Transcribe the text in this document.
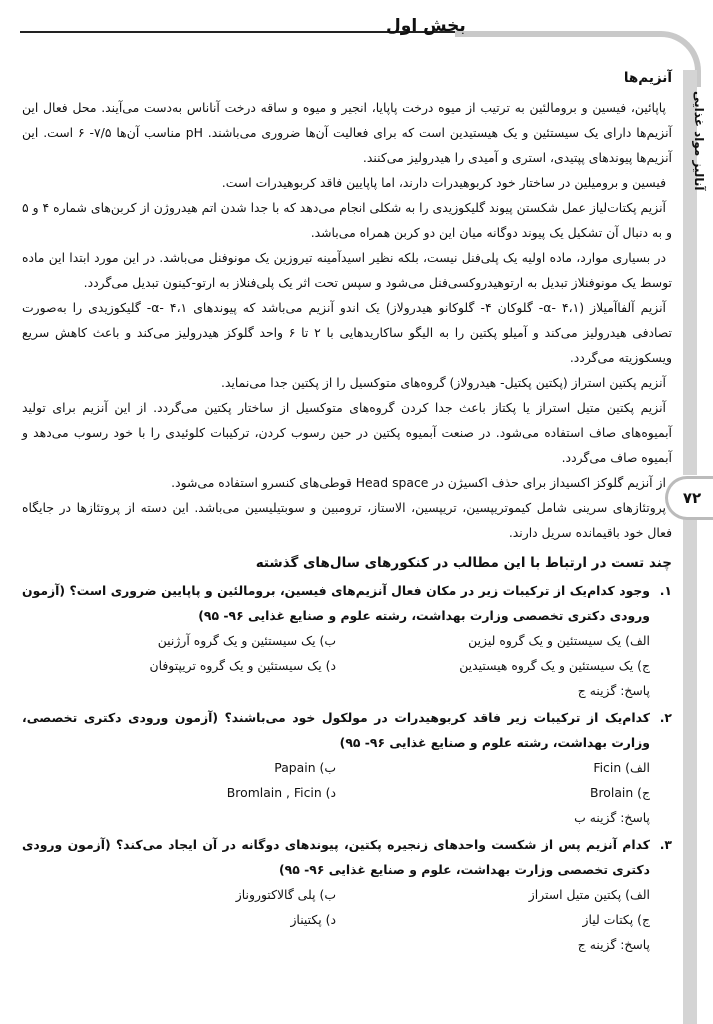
بخش اول
آنالیز مواد غذایی
۷۲

آنزیم‌ها

پاپائین، فیسین و برومالئین به ترتیب از میوه درخت پاپایا، انجیر و میوه و ساقه درخت آناناس به‌دست می‌آیند. محل فعال این آنزیم‌ها دارای یک سیستئین و یک هیستیدین است که برای فعالیت آن‌ها ضروری می‌باشند. pH مناسب آن‌ها ۷/۵- ۶ است. این آنزیم‌ها پیوندهای پپتیدی، استری و آمیدی را هیدرولیز می‌کنند.

فیسین و برومیلین در ساختار خود کربوهیدرات دارند، اما پاپایین فاقد کربوهیدرات است.

آنزیم پکتات‌لیاز عمل شکستن پیوند گلیکوزیدی را به شکلی انجام می‌دهد که با جدا شدن اتم هیدروژن از کربن‌های شماره ۴ و ۵ و به دنبال آن تشکیل یک پیوند دوگانه میان این دو کربن همراه می‌باشد.

در بسیاری موارد، ماده اولیه یک پلی‌فنل نیست، بلکه نظیر اسیدآمینه تیروزین یک مونوفنل می‌باشد. در این مورد ابتدا این ماده توسط یک مونوفنلاز تبدیل به ارتوهیدروکسی‌فنل می‌شود و سپس تحت اثر یک پلی‌فنلاز به ارتو-کینون تبدیل می‌گردد.

آنزیم آلفاآمیلاز (α- ۴،۱- گلوکان ۴- گلوکانو هیدرولاز) یک اندو آنزیم می‌باشد که پیوندهای α- ۴،۱- گلیکوزیدی را به‌صورت تصادفی هیدرولیز می‌کند و آمیلو پکتین را به الیگو ساکاریدهایی با ۲ تا ۶ واحد گلوکز هیدرولیز می‌کند و باعث کاهش سریع ویسکوزیته می‌گردد.

آنزیم پکتین استراز (پکتین پکتیل- هیدرولاز) گروه‌های متوکسیل را از پکتین جدا می‌نماید.

آنزیم پکتین متیل استراز یا پکتاز باعث جدا کردن گروه‌های متوکسیل از ساختار پکتین می‌گردد. از این آنزیم برای تولید آبمیوه‌های صاف استفاده می‌شود. در صنعت آبمیوه پکتین در حین رسوب کردن، ترکیبات کلوئیدی را با خود رسوب می‌دهد و آبمیوه صاف می‌گردد.

از آنزیم گلوکز اکسیداز برای حذف اکسیژن در Head space قوطی‌های کنسرو استفاده می‌شود.

پروتئازهای سرینی شامل کیموتریپسین، تریپسین، الاستاز، ترومبین و سوبتیلیسین می‌باشد. این دسته از پروتئازها در جایگاه فعال خود باقیمانده سریل دارند.

چند تست در ارتباط با این مطالب در کنکورهای سال‌های گذشته

۱.
وجود کدام‌یک از ترکیبات زیر در مکان فعال آنزیم‌های فیسین، برومالئین و پاپایین ضروری است؟ (آزمون ورودی دکتری تخصصی وزارت بهداشت، رشته علوم و صنایع غذایی ۹۶- ۹۵)

الف) یک سیستئین و یک گروه لیزین

ب) یک سیستئین و یک گروه آرژنین

ج) یک سیستئین و یک گروه هیستیدین

د) یک سیستئین و یک گروه تریپتوفان

پاسخ: گزینه ج

۲.
کدام‌یک از ترکیبات زیر فاقد کربوهیدرات در مولکول خود می‌باشند؟ (آزمون ورودی دکتری تخصصی، وزارت بهداشت، رشته علوم و صنایع غذایی ۹۶- ۹۵)

الف) Ficin

ب) Papain

ج) Brolain

د) Bromlain , Ficin

پاسخ: گزینه ب

۳.
کدام آنزیم پس از شکست واحدهای زنجیره پکتین، پیوندهای دوگانه در آن ایجاد می‌کند؟ (آزمون ورودی دکتری تخصصی وزارت بهداشت، علوم و صنایع غذایی ۹۶- ۹۵)

الف) پکتین متیل استراز

ب) پلی گالاکتوروناز

ج) پکتات لیاز

د) پکتیناز

پاسخ: گزینه ج
